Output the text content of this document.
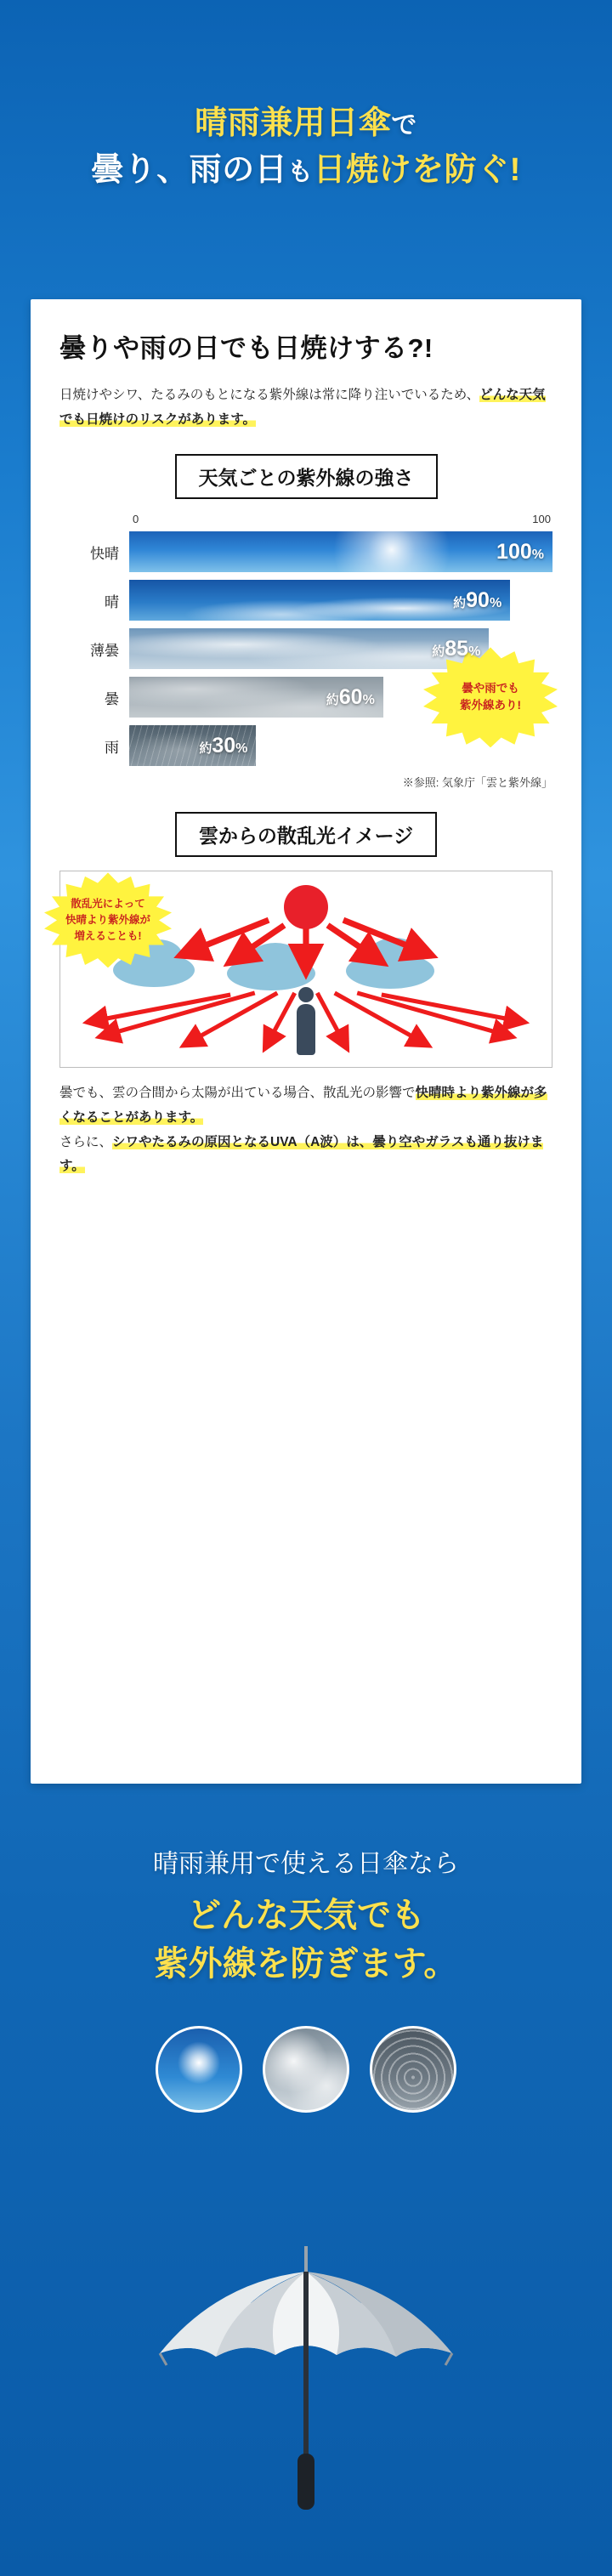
晴雨兼用日傘で
曇り、雨の日も日焼けを防ぐ!
曇りや雨の日でも日焼けする?!
日焼けやシワ、たるみのもとになる紫外線は常に降り注いでいるため、どんな天気でも日焼けのリスクがあります。
天気ごとの紫外線の強さ
0	100
快晴	100%
晴	約90%
薄曇	約85%
曇	約60%
雨	約30%
曇や雨でも
紫外線あり!
※参照: 気象庁「雲と紫外線」
雲からの散乱光イメージ
散乱光によって
快晴より紫外線が
増えることも!
曇でも、雲の合間から太陽が出ている場合、散乱光の影響で快晴時より紫外線が多くなることがあります。
さらに、シワやたるみの原因となるUVA（A波）は、曇り空やガラスも通り抜けます。
晴雨兼用で使える日傘なら
どんな天気でも
紫外線を防ぎます。
